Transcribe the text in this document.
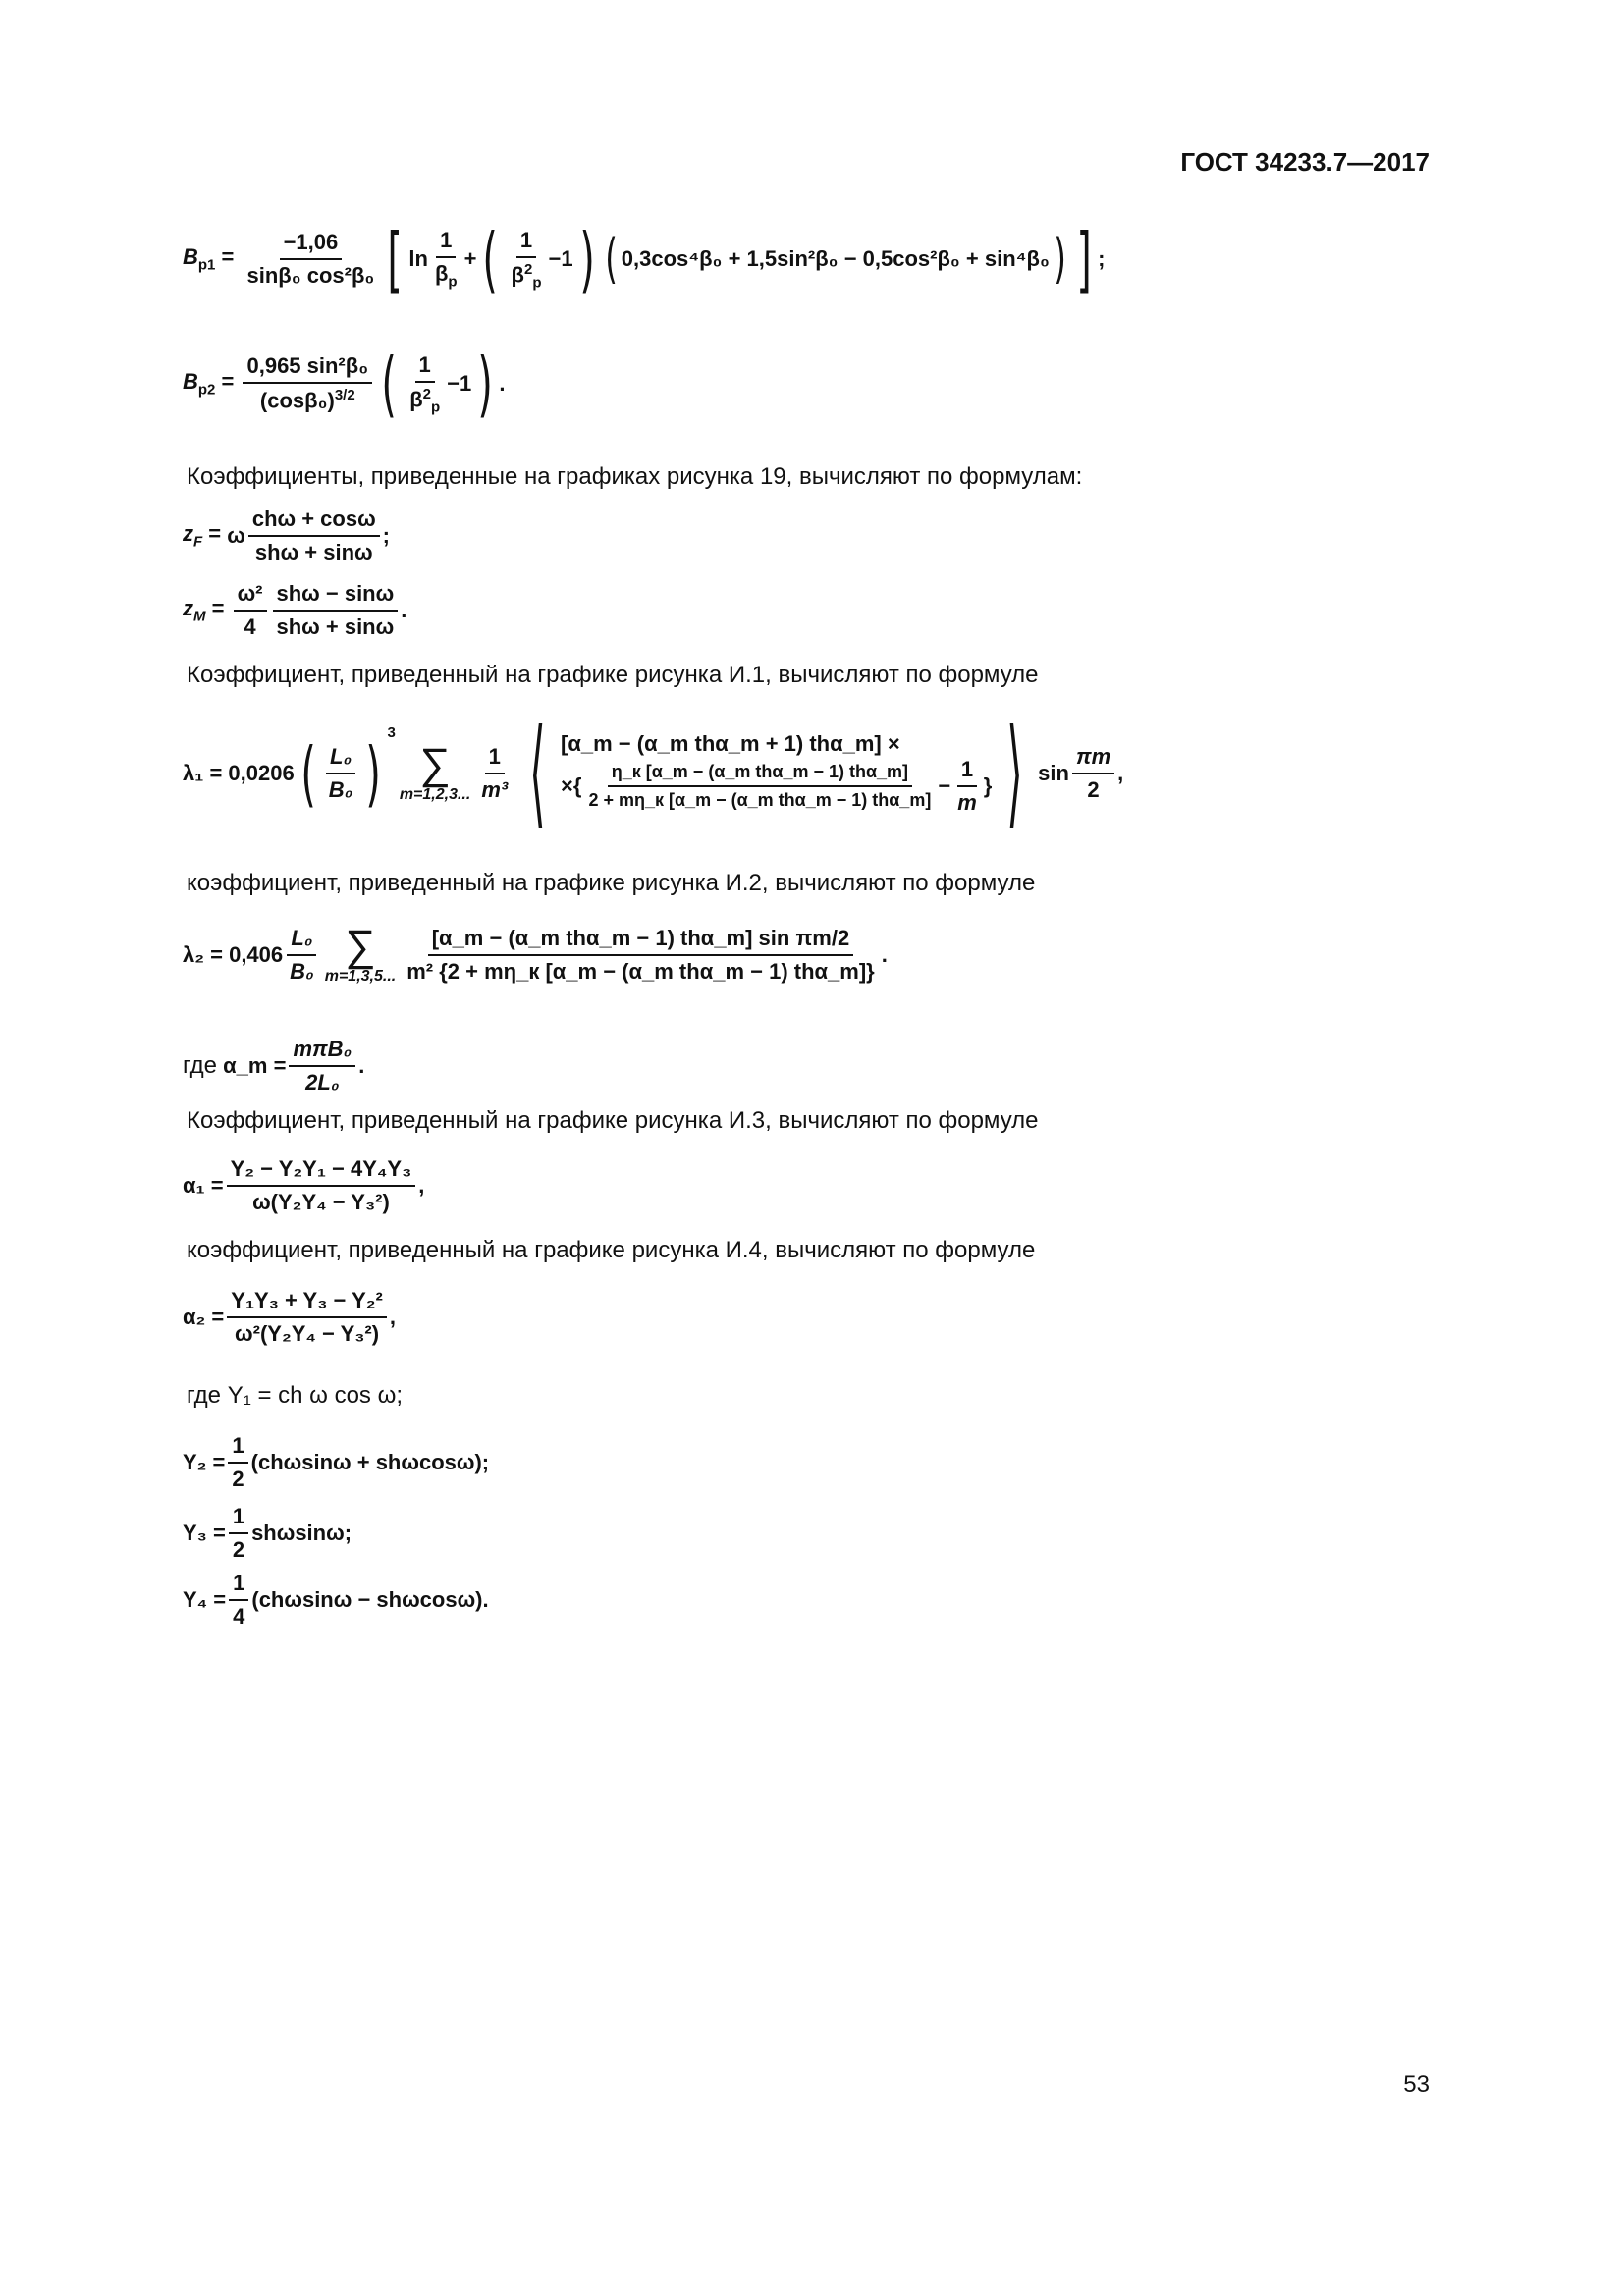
ГОСТ 34233.7—2017
$B_{p1} = \frac{-1,06}{\text{sinβ₀ cos²β₀}}$ [ $\ln \frac{1}{\beta_p}$ + ( $\frac{1}{\beta^2_p} -1$ ) ( 0,3cos⁴β₀ + 1,5sin²β₀ − 0,5cos²β₀ + sin⁴β₀ ) ] ;
$B_{p2} = \frac{\text{0,965 sin²β₀}}{(\cos\beta_0)^{3/2}}$ ( $\frac{1}{\beta^2_p} -1$ ) .
Коэффициенты, приведенные на графиках рисунка 19, вычисляют по формулам:
$z_F = \omega \frac{\text{chω + cosω}}{\text{shω + sinω}}$ ;
$z_M = \frac{\text{ω²}}{4} \frac{\text{shω − sinω}}{\text{shω + sinω}}$ .
Коэффициент, приведенный на графике рисунка И.1, вычисляют по формуле
λ₁ = 0,0206 ( $\frac{\text{L₀}}{\text{B₀}}$ ) $^3$
∑
m=1,2,3... $\frac{1}{\text{m³}}$ ⟨ [α_m − (α_m thα_m + 1) thα_m] ×
×{ $\frac{\text{η\_к [α\_m − (α\_m thα\_m − 1) thα\_m]}}{\text{2 + mη\_к [α\_m − (α\_m thα\_m − 1) thα\_m]}} - \frac{1}{m}$ } ⟩ $\sin \frac{\pi m}{2}$ ,
коэффициент, приведенный на графике рисунка И.2, вычисляют по формуле
$\lambda_2 = 0,406 \frac{\text{L₀}}{\text{B₀}}$ ∑
m=1,3,5... $\frac{\text{[α\_m − (α\_m thα\_m − 1) thα\_m] sin πm/2}}{\text{m² \{2 + mη\_к [α\_m − (α\_m thα\_m − 1) thα\_m]\}}}$ .
где
α_m = $\frac{\text{mπB₀}}{\text{2L₀}}$ .
Коэффициент, приведенный на графике рисунка И.3, вычисляют по формуле
$\alpha_1 = \frac{\text{Y₂ − Y₂Y₁ − 4Y₄Y₃}}{\text{ω(Y₂Y₄ − Y₃²)}}$ ,
коэффициент, приведенный на графике рисунка И.4, вычисляют по формуле
$\alpha_2 = \frac{\text{Y₁Y₃ + Y₃ − Y₂²}}{\text{ω²(Y₂Y₄ − Y₃²)}}$ ,
где Y₁ = ch ω cos ω;
$Y_2 = \frac{1}{2} (ch\omega\sin\omega + sh\omega\cos\omega)$;
$Y_3 = \frac{1}{2} sh\omega\sin\omega$;
$Y_4 = \frac{1}{4} (ch\omega\sin\omega - sh\omega\cos\omega)$.
53
